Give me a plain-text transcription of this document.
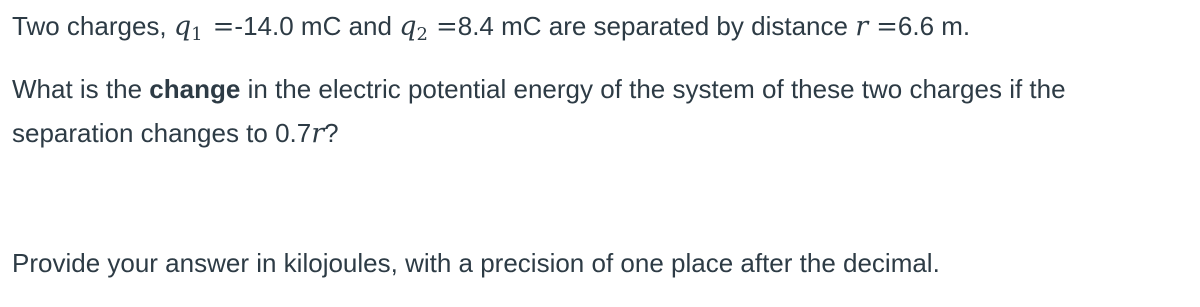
Two charges, $q_1 =-14.0$ mC and $q_2 =8.4$ mC are separated by distance r =6.6 m.
What is the change in the electric potential energy of the system of these two charges if the
separation changes to 0.7r?
Provide your answer in kilojoules, with a precision of one place after the decimal.
